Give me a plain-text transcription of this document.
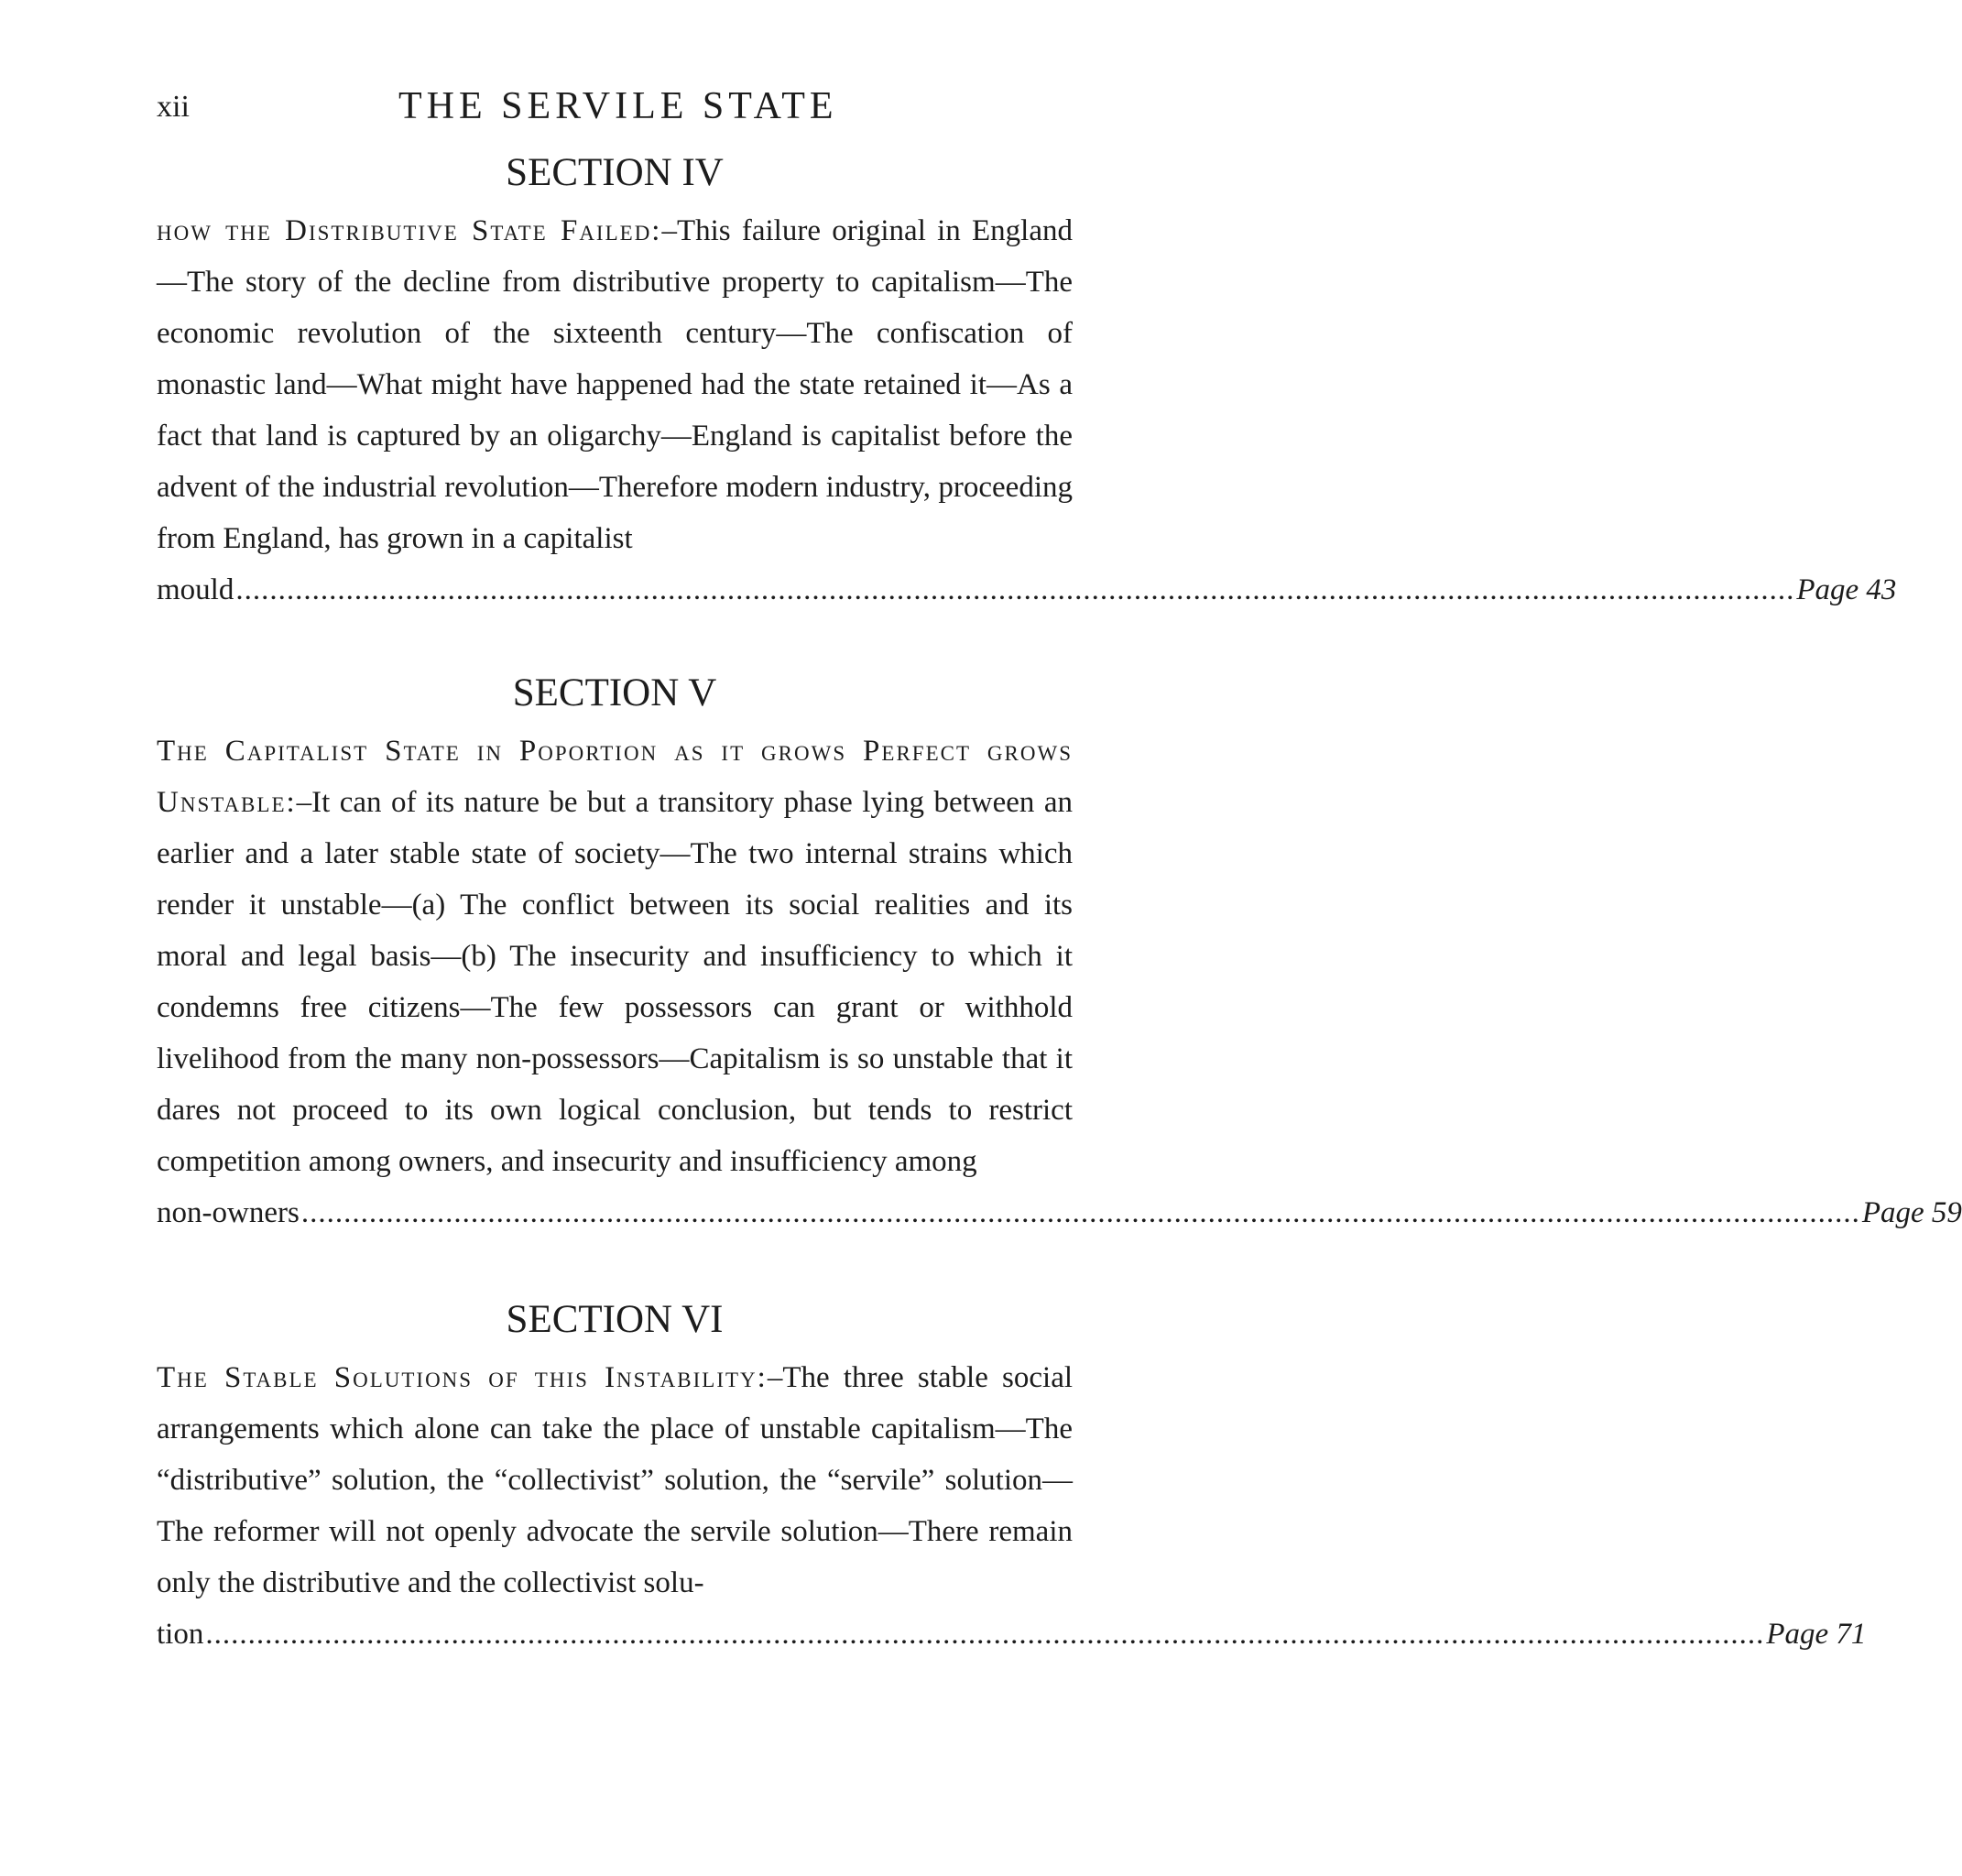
xii	THE SERVILE STATE
SECTION IV
how the Distributive State Failed:–This failure original in England—The story of the decline from distributive property to capitalism—The economic revolution of the sixteenth century—The confiscation of monastic land—What might have happened had the state retained it—As a fact that land is captured by an oligarchy—England is capitalist before the advent of the industrial revolution—Therefore modern industry, proceeding from England, has grown in a capitalist
mould ........................................................................................................................................................................................ Page 43
SECTION V
The Capitalist State in Poportion as it grows Perfect grows Unstable:–It can of its nature be but a transitory phase lying between an earlier and a later stable state of society—The two internal strains which render it unstable—(a) The conflict between its social realities and its moral and legal basis—(b) The insecurity and insufficiency to which it condemns free citizens—The few possessors can grant or withhold livelihood from the many non-possessors—Capitalism is so unstable that it dares not proceed to its own logical conclusion, but tends to restrict competition among owners, and insecurity and insufficiency among
non-owners ........................................................................................................................................................................................ Page 59
SECTION VI
The Stable Solutions of this Instability:–The three stable social arrangements which alone can take the place of unstable capitalism—The “distributive” solution, the “collectivist” solution, the “servile” solution—The reformer will not openly advocate the servile solution—There remain only the distributive and the collectivist solu-
tion ........................................................................................................................................................................................ Page 71
